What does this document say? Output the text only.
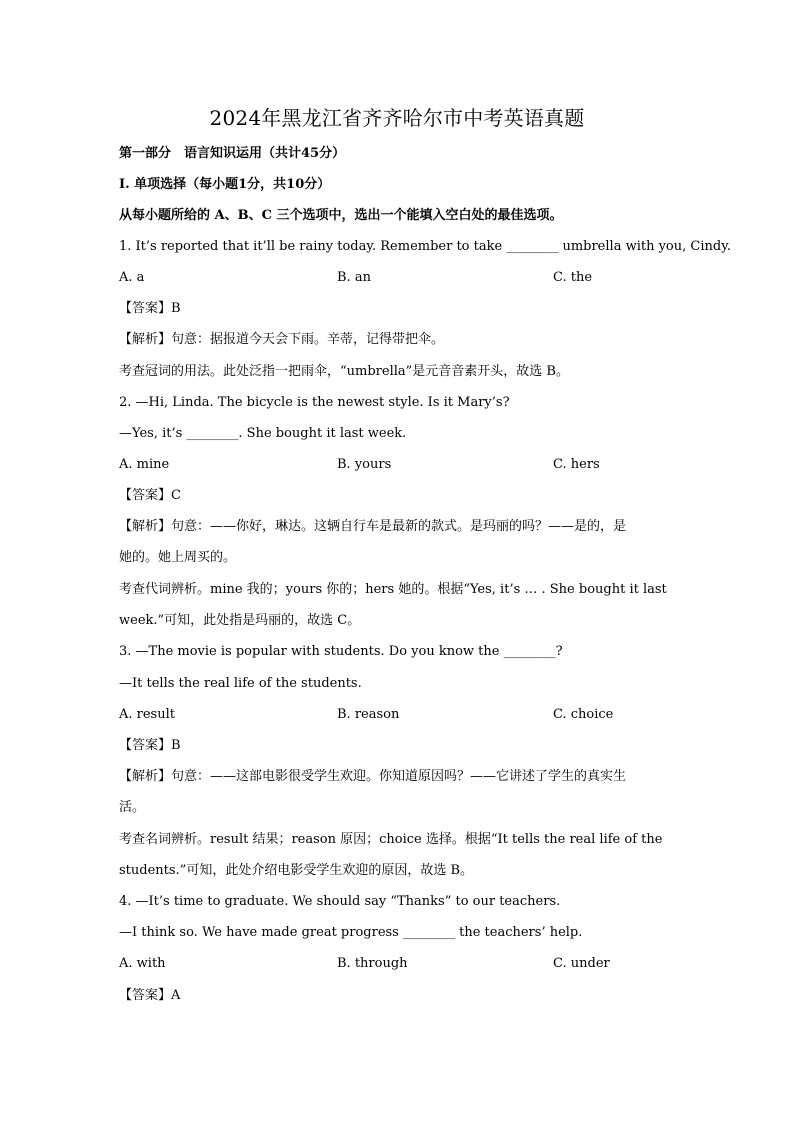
2024年黑龙江省齐齐哈尔市中考英语真题
第一部分　语言知识运用（共计45分）
I. 单项选择（每小题1分，共10分）
从每小题所给的 A、B、C 三个选项中，选出一个能填入空白处的最佳选项。
1. It’s reported that it’ll be rainy today. Remember to take ________ umbrella with you, Cindy.
A. a	B. an	C. the
【答案】B
【解析】句意：据报道今天会下雨。辛蒂，记得带把伞。
考查冠词的用法。此处泛指一把雨伞，“umbrella”是元音音素开头，故选 B。
2. —Hi, Linda. The bicycle is the newest style. Is it Mary’s?
—Yes, it’s ________. She bought it last week.
A. mine	B. yours	C. hers
【答案】C
【解析】句意：——你好，琳达。这辆自行车是最新的款式。是玛丽的吗？——是的，是
她的。她上周买的。
考查代词辨析。mine 我的；yours 你的；hers 她的。根据“Yes, it’s … . She bought it last
week.”可知，此处指是玛丽的，故选 C。
3. —The movie is popular with students. Do you know the ________?
—It tells the real life of the students.
A. result	B. reason	C. choice
【答案】B
【解析】句意：——这部电影很受学生欢迎。你知道原因吗？——它讲述了学生的真实生
活。
考查名词辨析。result 结果；reason 原因；choice 选择。根据“It tells the real life of the
students.”可知，此处介绍电影受学生欢迎的原因，故选 B。
4. —It’s time to graduate. We should say “Thanks” to our teachers.
—I think so. We have made great progress ________ the teachers’ help.
A. with	B. through	C. under
【答案】A
